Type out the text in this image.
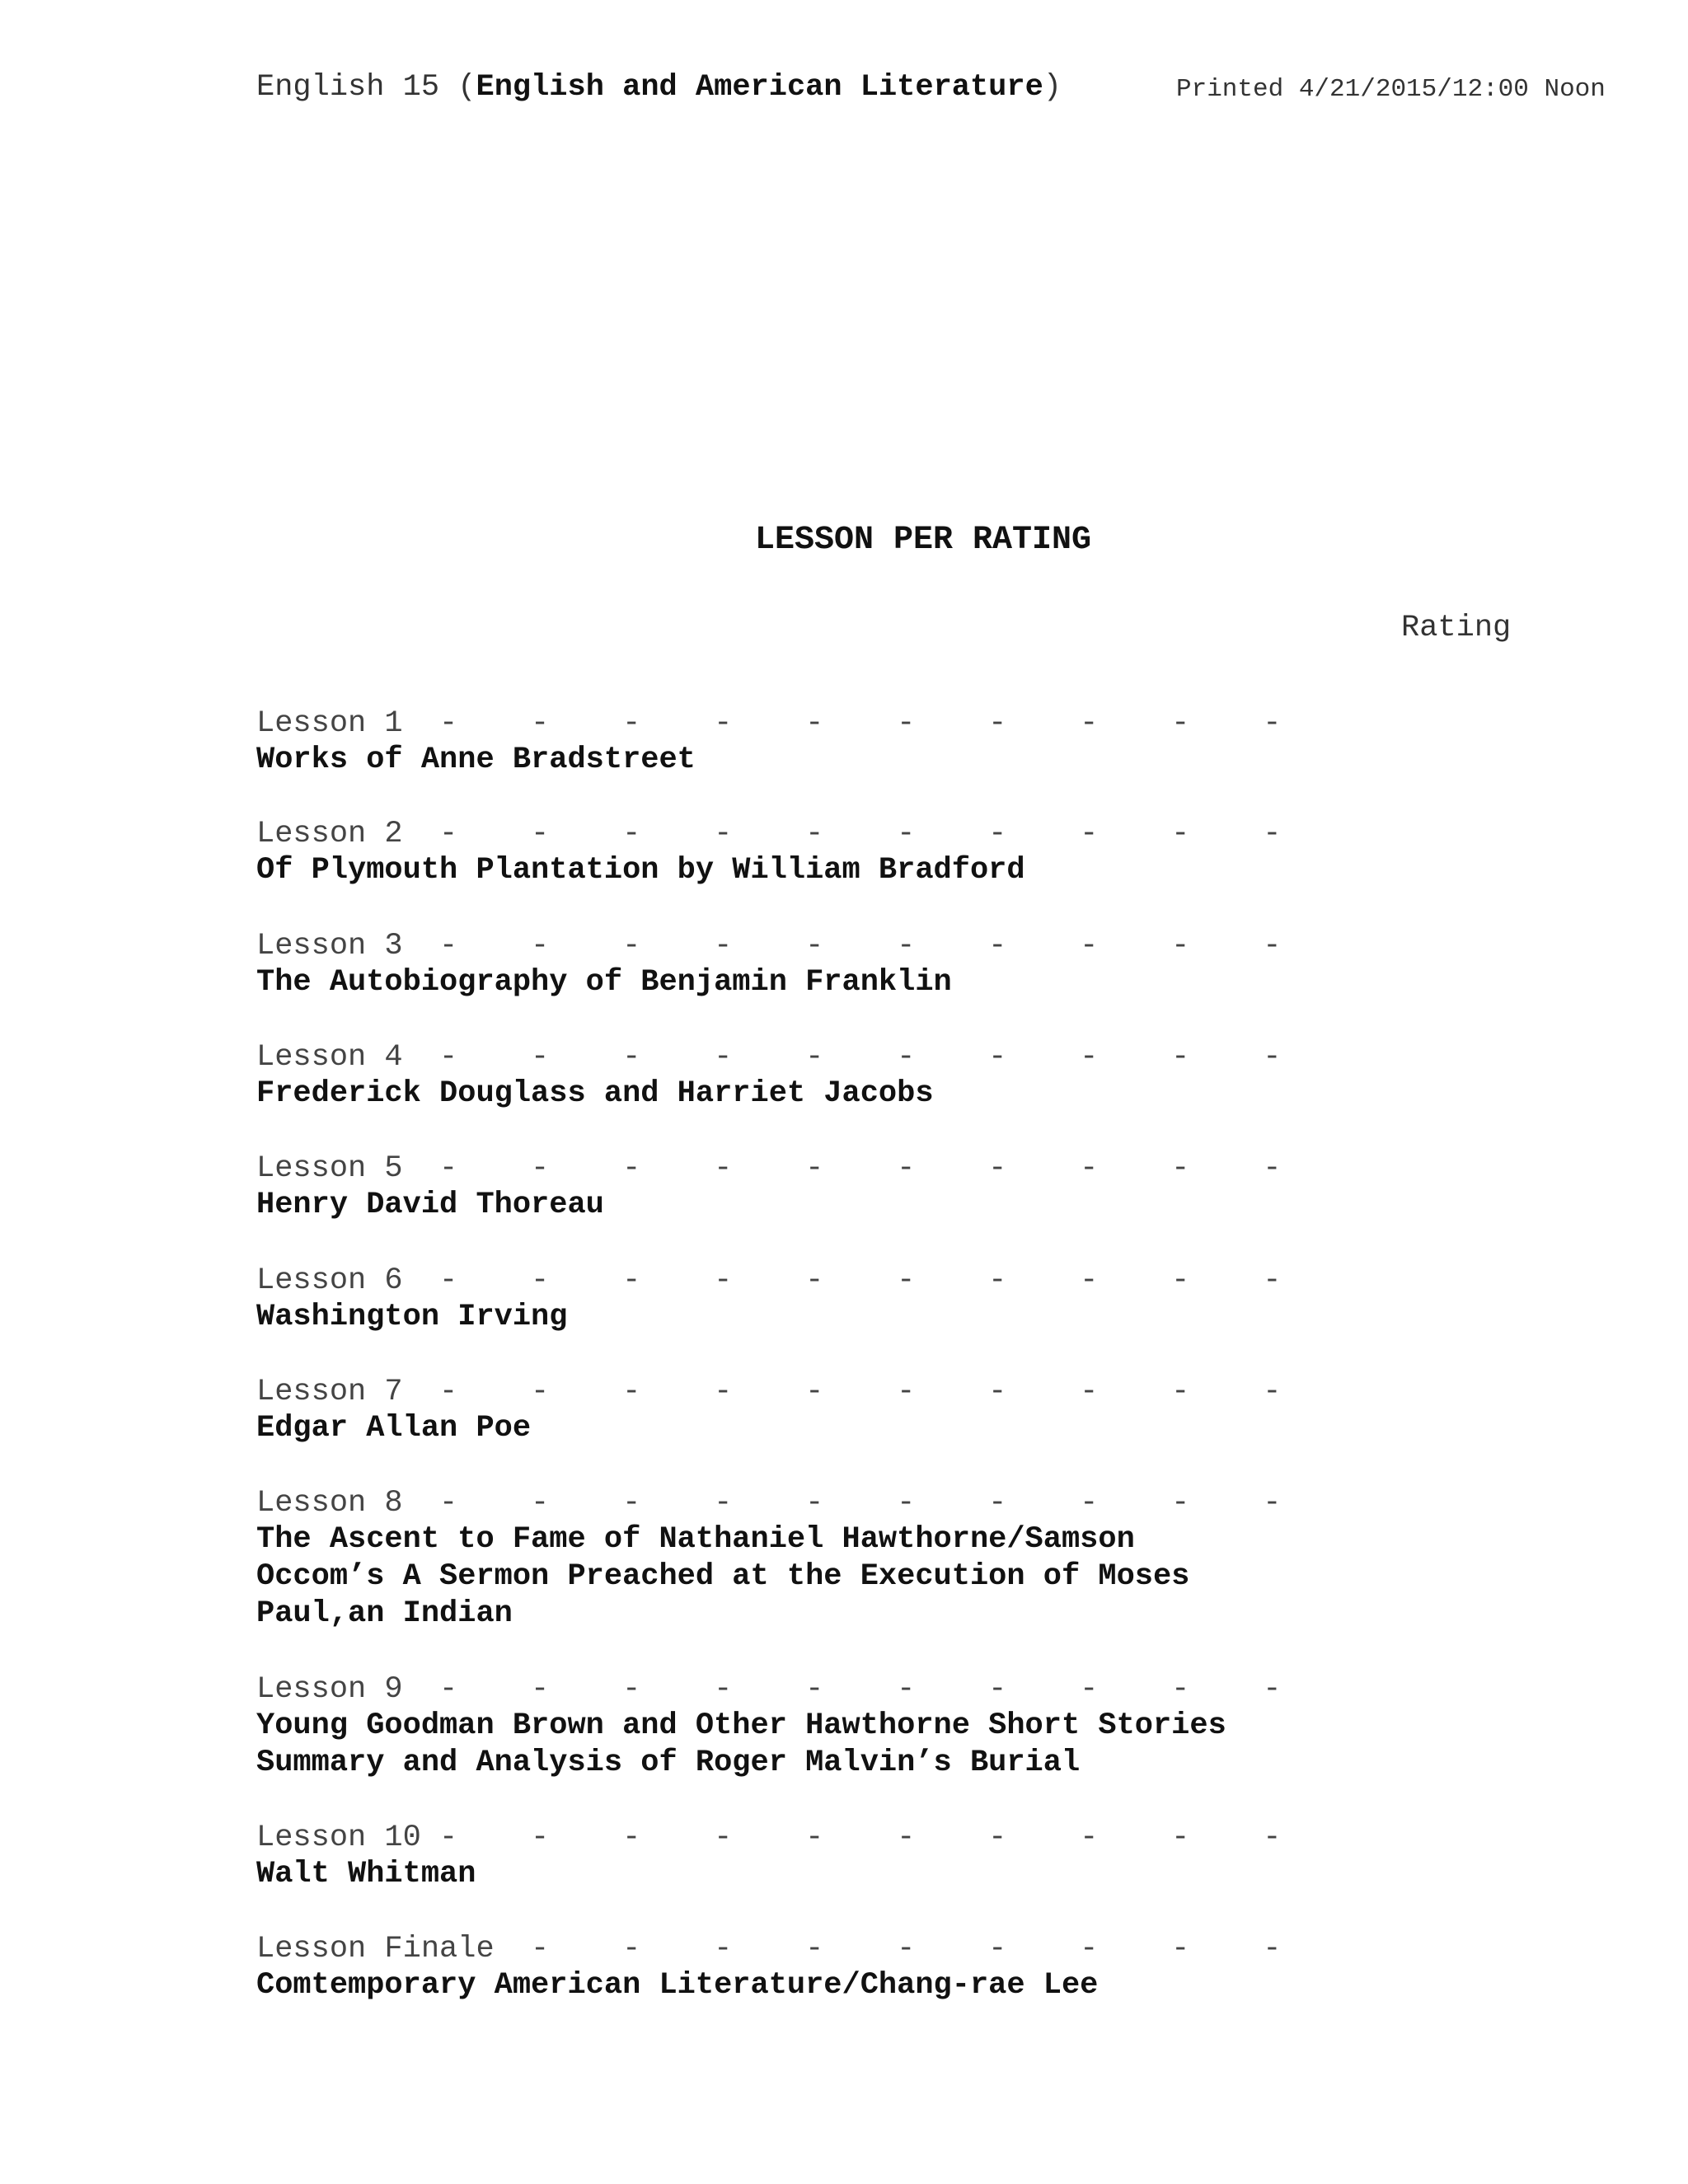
English 15 (English and American Literature)	Printed 4/21/2015/12:00 Noon
LESSON PER RATING
Rating
Lesson 1  -    -    -    -    -    -    -    -    -    -
Works of Anne Bradstreet
Lesson 2  -    -    -    -    -    -    -    -    -    -
Of Plymouth Plantation by William Bradford
Lesson 3  -    -    -    -    -    -    -    -    -    -
The Autobiography of Benjamin Franklin
Lesson 4  -    -    -    -    -    -    -    -    -    -
Frederick Douglass and Harriet Jacobs
Lesson 5  -    -    -    -    -    -    -    -    -    -
Henry David Thoreau
Lesson 6  -    -    -    -    -    -    -    -    -    -
Washington Irving
Lesson 7  -    -    -    -    -    -    -    -    -    -
Edgar Allan Poe
Lesson 8  -    -    -    -    -    -    -    -    -    -
The Ascent to Fame of Nathaniel Hawthorne/Samson
Occom’s A Sermon Preached at the Execution of Moses
Paul,an Indian
Lesson 9  -    -    -    -    -    -    -    -    -    -
Young Goodman Brown and Other Hawthorne Short Stories
Summary and Analysis of Roger Malvin’s Burial
Lesson 10 -    -    -    -    -    -    -    -    -    -
Walt Whitman
Lesson Finale  -    -    -    -    -    -    -    -    -
Comtemporary American Literature/Chang-rae Lee
